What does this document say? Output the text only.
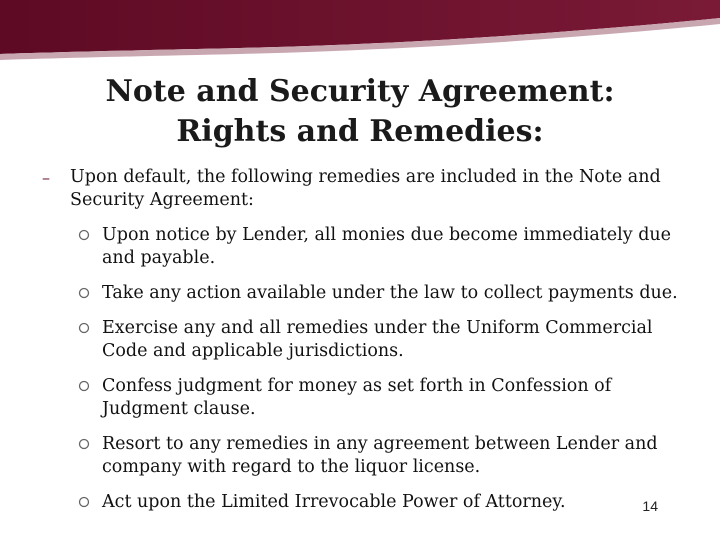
Note and Security Agreement:
Rights and Remedies:
– Upon default, the following remedies are included in the Note and Security Agreement:
Upon notice by Lender, all monies due become immediately due and payable.
Take any action available under the law to collect payments due.
Exercise any and all remedies under the Uniform Commercial Code and applicable jurisdictions.
Confess judgment for money as set forth in Confession of Judgment clause.
Resort to any remedies in any agreement between Lender and company with regard to the liquor license.
Act upon the Limited Irrevocable Power of Attorney.	14
